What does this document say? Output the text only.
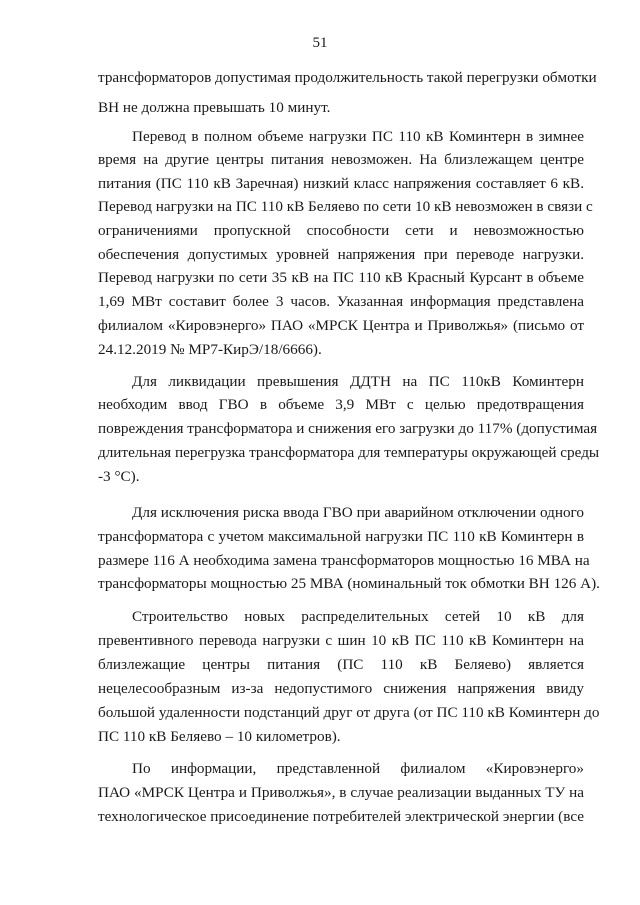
51
трансформаторов допустимая продолжительность такой перегрузки обмотки
ВН не должна превышать 10 минут.
Перевод в полном объеме нагрузки ПС 110 кВ Коминтерн в зимнее
время на другие центры питания невозможен. На близлежащем центре
питания (ПС 110 кВ Заречная) низкий класс напряжения составляет 6 кВ.
Перевод нагрузки на ПС 110 кВ Беляево по сети 10 кВ невозможен в связи с
ограничениями пропускной способности сети и невозможностью
обеспечения допустимых уровней напряжения при переводе нагрузки.
Перевод нагрузки по сети 35 кВ на ПС 110 кВ Красный Курсант в объеме
1,69 МВт составит более 3 часов. Указанная информация представлена
филиалом «Кировэнерго» ПАО «МРСК Центра и Приволжья» (письмо от
24.12.2019 № МР7-КирЭ/18/6666).
Для ликвидации превышения ДДТН на ПС 110кВ Коминтерн
необходим ввод ГВО в объеме 3,9 МВт с целью предотвращения
повреждения трансформатора и снижения его загрузки до 117% (допустимая
длительная перегрузка трансформатора для температуры окружающей среды
-3 °С).
Для исключения риска ввода ГВО при аварийном отключении одного
трансформатора с учетом максимальной нагрузки ПС 110 кВ Коминтерн в
размере 116 А необходима замена трансформаторов мощностью 16 МВА на
трансформаторы мощностью 25 МВА (номинальный ток обмотки ВН 126 А).
Строительство новых распределительных сетей 10 кВ для
превентивного перевода нагрузки с шин 10 кВ ПС 110 кВ Коминтерн на
близлежащие центры питания (ПС 110 кВ Беляево) является
нецелесообразным из-за недопустимого снижения напряжения ввиду
большой удаленности подстанций друг от друга (от ПС 110 кВ Коминтерн до
ПС 110 кВ Беляево – 10 километров).
По информации, представленной филиалом «Кировэнерго»
ПАО «МРСК Центра и Приволжья», в случае реализации выданных ТУ на
технологическое присоединение потребителей электрической энергии (все
